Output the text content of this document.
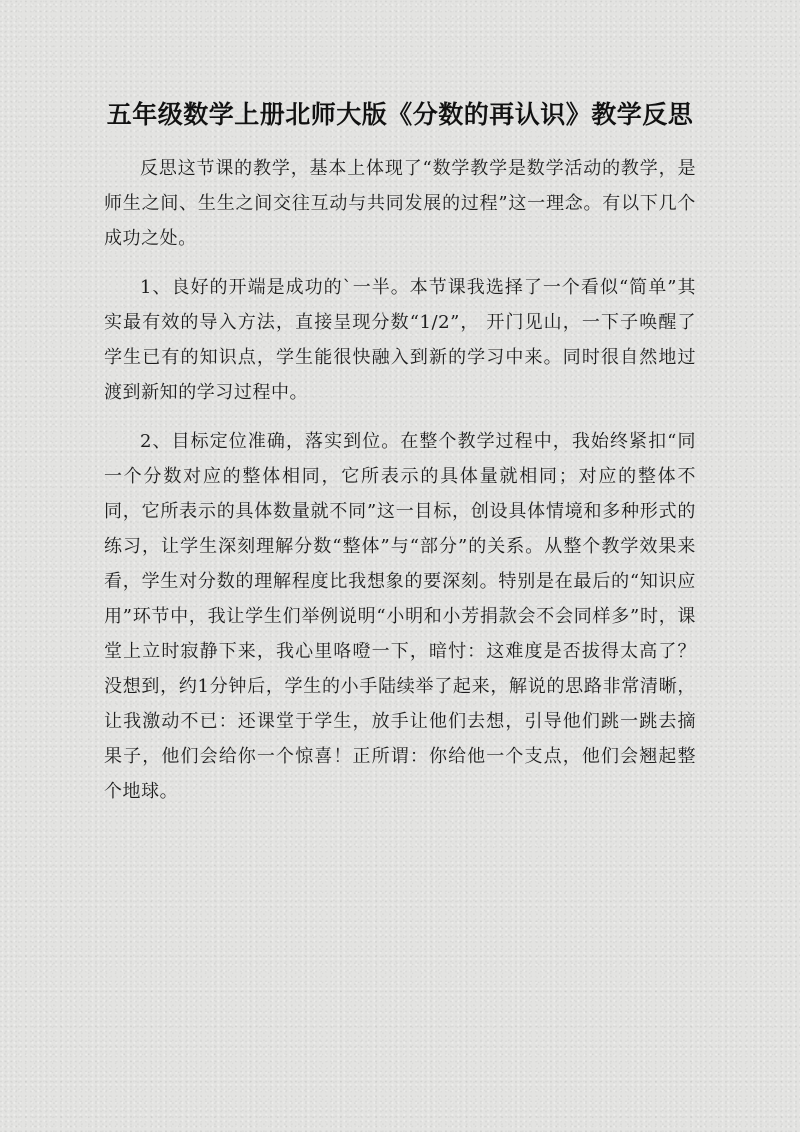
五年级数学上册北师大版《分数的再认识》教学反思

反思这节课的教学，基本上体现了“数学教学是数学活动的教学，是师生之间、生生之间交往互动与共同发展的过程”这一理念。有以下几个成功之处。

1、良好的开端是成功的`一半。本节课我选择了一个看似“简单”其实最有效的导入方法，直接呈现分数“1/2”， 开门见山，一下子唤醒了学生已有的知识点，学生能很快融入到新的学习中来。同时很自然地过渡到新知的学习过程中。

2、目标定位准确，落实到位。在整个教学过程中，我始终紧扣“同一个分数对应的整体相同，它所表示的具体量就相同；对应的整体不同，它所表示的具体数量就不同”这一目标，创设具体情境和多种形式的练习，让学生深刻理解分数“整体”与“部分”的关系。从整个教学效果来看，学生对分数的理解程度比我想象的要深刻。特别是在最后的“知识应用”环节中，我让学生们举例说明“小明和小芳捐款会不会同样多”时，课堂上立时寂静下来，我心里咯噔一下，暗忖：这难度是否拔得太高了？没想到，约1分钟后，学生的小手陆续举了起来，解说的思路非常清晰，让我激动不已：还课堂于学生，放手让他们去想，引导他们跳一跳去摘果子，他们会给你一个惊喜！正所谓：你给他一个支点，他们会翘起整个地球。
